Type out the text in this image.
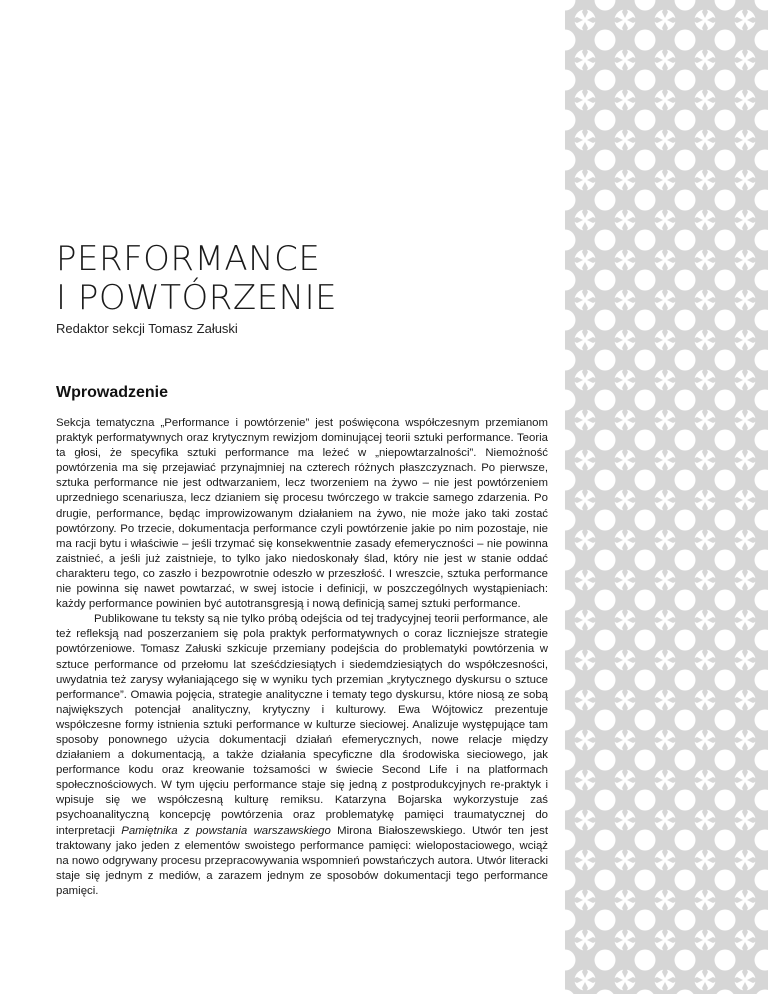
PERFORMANCE
I POWTÓRZENIE

Redaktor sekcji Tomasz Załuski

Wprowadzenie

Sekcja tematyczna „Performance i powtórzenie” jest poświęcona współczesnym przemianom praktyk performatywnych oraz krytycznym rewizjom dominującej teorii sztuki performance. Teoria ta głosi, że specyfika sztuki performance ma leżeć w „niepowtarzalności”. Niemożność powtórzenia ma się przejawiać przynajmniej na czterech różnych płaszczyznach. Po pierwsze, sztuka performance nie jest odtwarzaniem, lecz tworzeniem na żywo – nie jest powtórzeniem uprzedniego scenariusza, lecz dzianiem się procesu twórczego w trakcie samego zdarzenia. Po drugie, performance, będąc improwizowanym działaniem na żywo, nie może jako taki zostać powtórzony. Po trzecie, dokumentacja performance czyli powtórzenie jakie po nim pozostaje, nie ma racji bytu i właściwie – jeśli trzymać się konsekwentnie zasady efemeryczności – nie powinna zaistnieć, a jeśli już zaistnieje, to tylko jako niedoskonały ślad, który nie jest w stanie oddać charakteru tego, co zaszło i bezpowrotnie odeszło w przeszłość. I wreszcie, sztuka performance nie powinna się nawet powtarzać, w swej istocie i definicji, w poszczególnych wystąpieniach: każdy performance powinien być autotransgresją i nową definicją samej sztuki performance.

Publikowane tu teksty są nie tylko próbą odejścia od tej tradycyjnej teorii performance, ale też refleksją nad poszerzaniem się pola praktyk performatywnych o coraz liczniejsze strategie powtórzeniowe. Tomasz Załuski szkicuje przemiany podejścia do problematyki powtórzenia w sztuce performance od przełomu lat sześćdziesiątych i siedemdziesiątych do współczesności, uwydatnia też zarysy wyłaniającego się w wyniku tych przemian „krytycznego dyskursu o sztuce performance”. Omawia pojęcia, strategie analityczne i tematy tego dyskursu, które niosą ze sobą największych potencjał analityczny, krytyczny i kulturowy. Ewa Wójtowicz prezentuje współczesne formy istnienia sztuki performance w kulturze sieciowej. Analizuje występujące tam sposoby ponownego użycia dokumentacji działań efemerycznych, nowe relacje między działaniem a dokumentacją, a także działania specyficzne dla środowiska sieciowego, jak performance kodu oraz kreowanie tożsamości w świecie Second Life i na platformach społecznościowych. W tym ujęciu performance staje się jedną z postprodukcyjnych re-praktyk i wpisuje się we współczesną kulturę remiksu. Katarzyna Bojarska wykorzystuje zaś psychoanalityczną koncepcję powtórzenia oraz problematykę pamięci traumatycznej do interpretacji Pamiętnika z powstania warszawskiego Mirona Białoszewskiego. Utwór ten jest traktowany jako jeden z elementów swoistego performance pamięci: wielopostaciowego, wciąż na nowo odgrywany procesu przepracowywania wspomnień powstańczych autora. Utwór literacki staje się jednym z mediów, a zarazem jednym ze sposobów dokumentacji tego performance pamięci.
